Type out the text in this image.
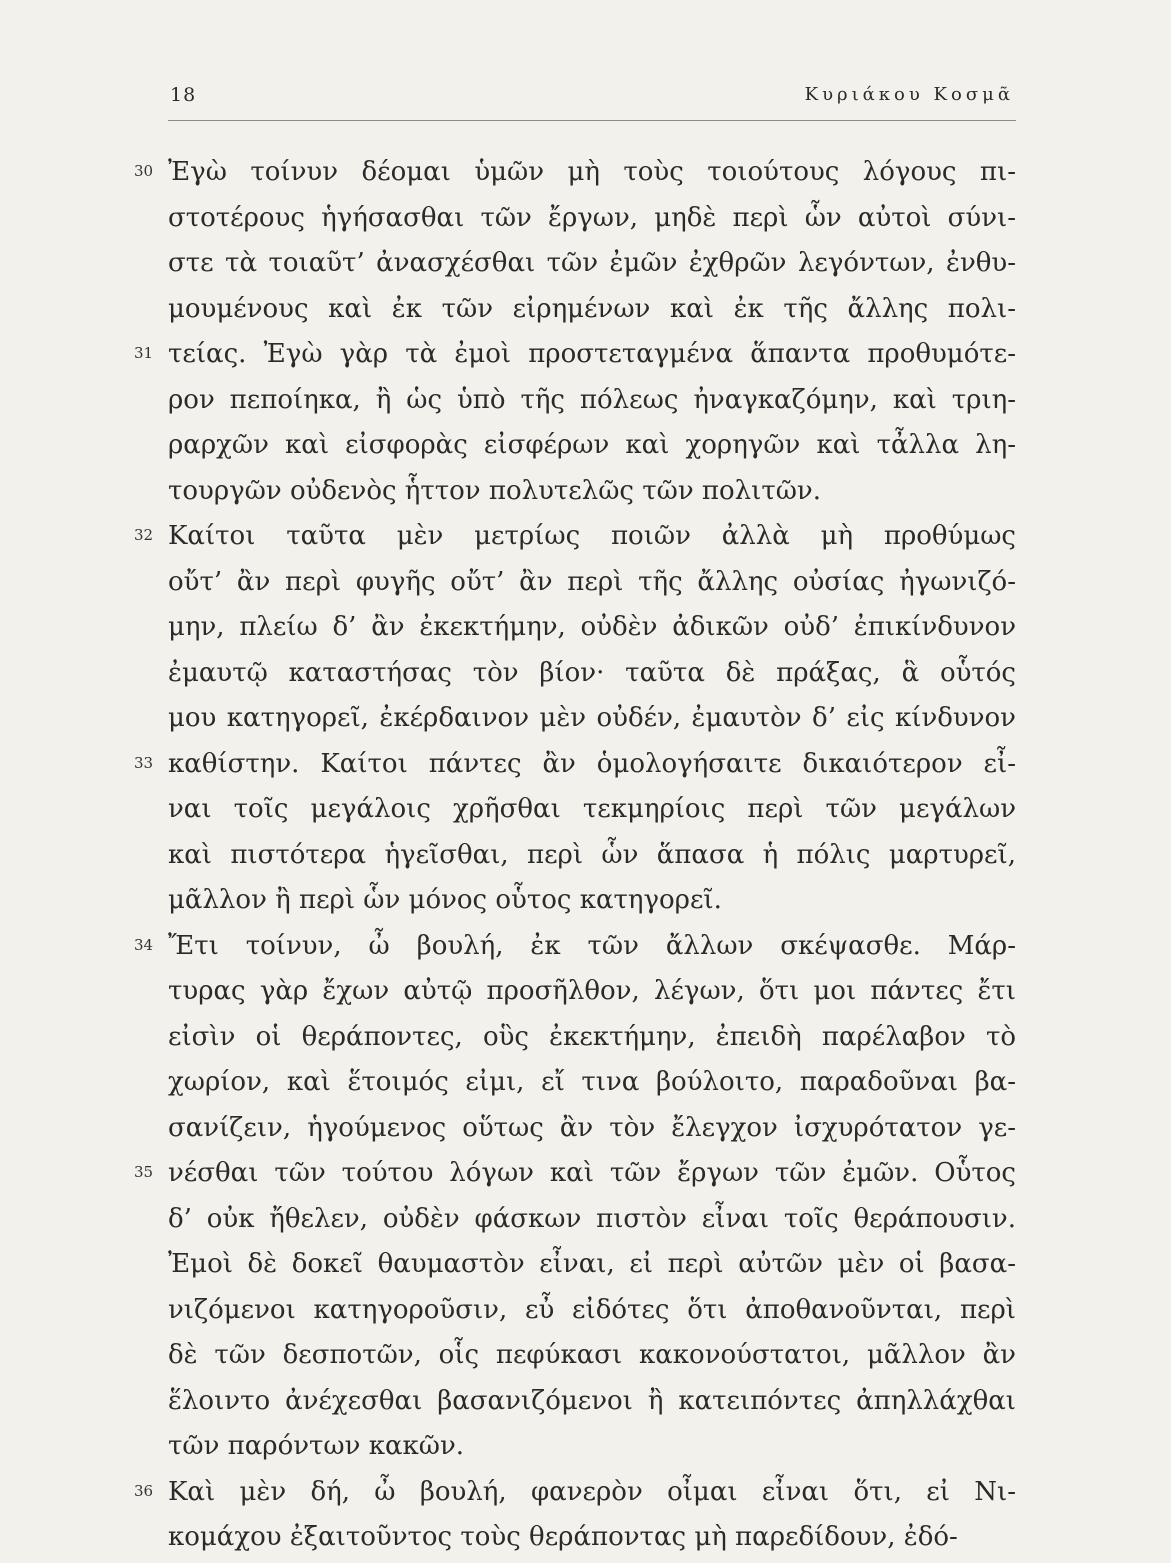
18	Κυριάκου Κοσμᾶ
30 Ἐγὼ τοίνυν δέομαι ὑμῶν μὴ τοὺς τοιούτους λόγους πι-
στοτέρους ἡγήσασθαι τῶν ἔργων, μηδὲ περὶ ὧν αὐτοὶ σύνι-
στε τὰ τοιαῦτ’ ἀνασχέσθαι τῶν ἐμῶν ἐχθρῶν λεγόντων, ἐνθυ-
μουμένους καὶ ἐκ τῶν εἰρημένων καὶ ἐκ τῆς ἄλλης πολι-
31 τείας. Ἐγὼ γὰρ τὰ ἐμοὶ προστεταγμένα ἅπαντα προθυμότε-
ρον πεποίηκα, ἢ ὡς ὑπὸ τῆς πόλεως ἠναγκαζόμην, καὶ τριη-
ραρχῶν καὶ εἰσφορὰς εἰσφέρων καὶ χορηγῶν καὶ τἆλλα λη-
τουργῶν οὐδενὸς ἧττον πολυτελῶς τῶν πολιτῶν.
32 Καίτοι ταῦτα μὲν μετρίως ποιῶν ἀλλὰ μὴ προθύμως
οὔτ’ ἂν περὶ φυγῆς οὔτ’ ἂν περὶ τῆς ἄλλης οὐσίας ἠγωνιζό-
μην, πλείω δ’ ἂν ἐκεκτήμην, οὐδὲν ἀδικῶν οὐδ’ ἐπικίνδυνον
ἐμαυτῷ καταστήσας τὸν βίον· ταῦτα δὲ πράξας, ἃ οὗτός
μου κατηγορεῖ, ἐκέρδαινον μὲν οὐδέν, ἐμαυτὸν δ’ εἰς κίνδυνον
33 καθίστην. Καίτοι πάντες ἂν ὁμολογήσαιτε δικαιότερον εἶ-
ναι τοῖς μεγάλοις χρῆσθαι τεκμηρίοις περὶ τῶν μεγάλων
καὶ πιστότερα ἡγεῖσθαι, περὶ ὧν ἅπασα ἡ πόλις μαρτυρεῖ,
μᾶλλον ἢ περὶ ὧν μόνος οὗτος κατηγορεῖ.
34 Ἔτι τοίνυν, ὦ βουλή, ἐκ τῶν ἄλλων σκέψασθε. Μάρ-
τυρας γὰρ ἔχων αὐτῷ προσῆλθον, λέγων, ὅτι μοι πάντες ἔτι
εἰσὶν οἱ θεράποντες, οὓς ἐκεκτήμην, ἐπειδὴ παρέλαβον τὸ
χωρίον, καὶ ἕτοιμός εἰμι, εἴ τινα βούλοιτο, παραδοῦναι βα-
σανίζειν, ἡγούμενος οὕτως ἂν τὸν ἔλεγχον ἰσχυρότατον γε-
35 νέσθαι τῶν τούτου λόγων καὶ τῶν ἔργων τῶν ἐμῶν. Οὗτος
δ’ οὐκ ἤθελεν, οὐδὲν φάσκων πιστὸν εἶναι τοῖς θεράπουσιν.
Ἐμοὶ δὲ δοκεῖ θαυμαστὸν εἶναι, εἰ περὶ αὐτῶν μὲν οἱ βασα-
νιζόμενοι κατηγοροῦσιν, εὖ εἰδότες ὅτι ἀποθανοῦνται, περὶ
δὲ τῶν δεσποτῶν, οἷς πεφύκασι κακονούστατοι, μᾶλλον ἂν
ἕλοιντο ἀνέχεσθαι βασανιζόμενοι ἢ κατειπόντες ἀπηλλάχθαι
τῶν παρόντων κακῶν.
36 Καὶ μὲν δή, ὦ βουλή, φανερὸν οἶμαι εἶναι ὅτι, εἰ Νι-
κομάχου ἐξαιτοῦντος τοὺς θεράποντας μὴ παρεδίδουν, ἐδό-
